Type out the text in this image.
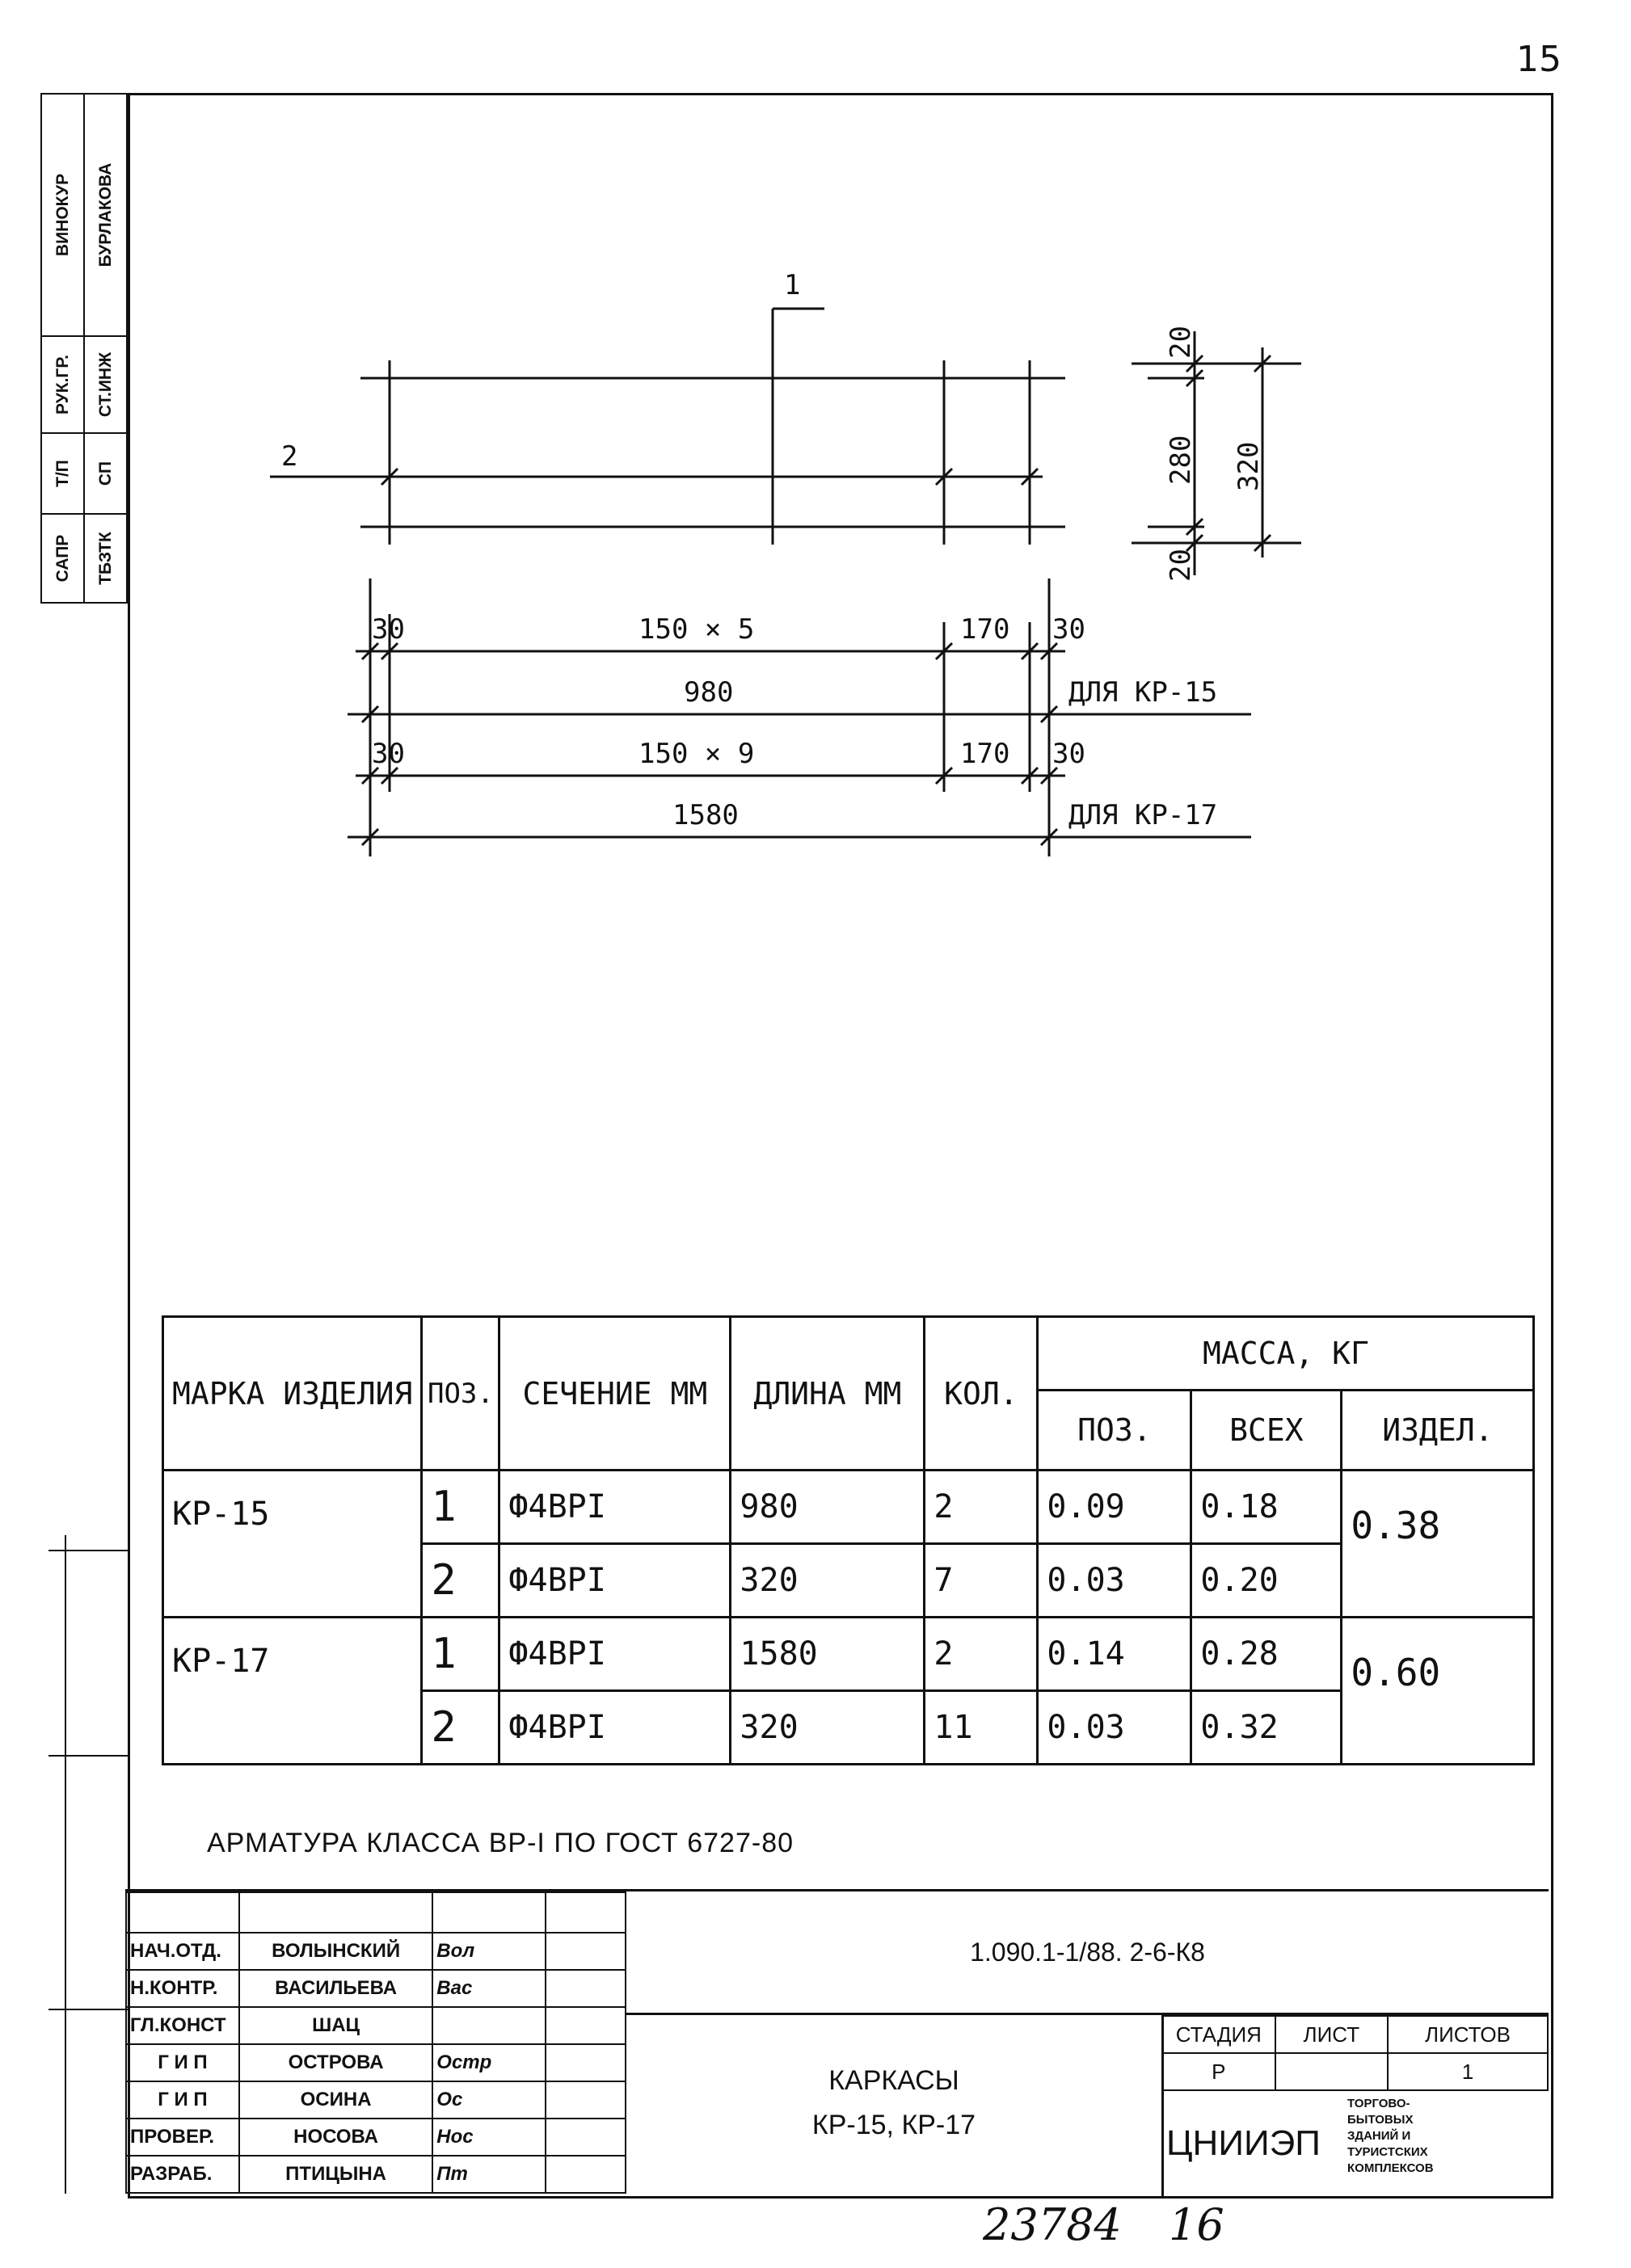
15
ВИНОКУР	БУРЛАКОВА

РУК.ГР.	СТ.ИНЖ

Т/П	СП

САПР	ТБЗТК
1
2
20
280
20
320
30	150 × 5	170 30
980	ДЛЯ КР-15
30	150 × 9	170 30
1580	ДЛЯ КР-17
МАРКА ИЗДЕЛИЯ	ПОЗ.	СЕЧЕНИЕ ММ	ДЛИНА ММ	КОЛ.	МАССА, КГ		
					ПОЗ.	ВСЕХ	ИЗДЕЛ.
КР-15	1	Ф4ВРI	980	2	0.09	0.18	0.38
	2	Ф4ВРI	320	7	0.03	0.20	
КР-17	1	Ф4ВРI	1580	2	0.14	0.28	0.60
	2	Ф4ВРI	320	11	0.03	0.32	
АРМАТУРА КЛАССА ВР-I ПО ГОСТ 6727-80

НАЧ.ОТД.	ВОЛЫНСКИЙ	Вол	
Н.КОНТР.	ВАСИЛЬЕВА	Вас	
ГЛ.КОНСТ	ШАЦ		
Г И П	ОСТРОВА	Остр	
Г И П	ОСИНА	Ос	
ПРОВЕР.	НОСОВА	Нос	
РАЗРАБ.	ПТИЦЫНА	Пт	
1.090.1-1/88. 2-6-К8
КАРКАСЫ
КР-15, КР-17
СТАДИЯ	ЛИСТ	ЛИСТОВ
Р		1
ЦНИИЭП
ТОРГОВО-
БЫТОВЫХ
ЗДАНИЙ И
ТУРИСТСКИХ
КОМПЛЕКСОВ
23784 16
